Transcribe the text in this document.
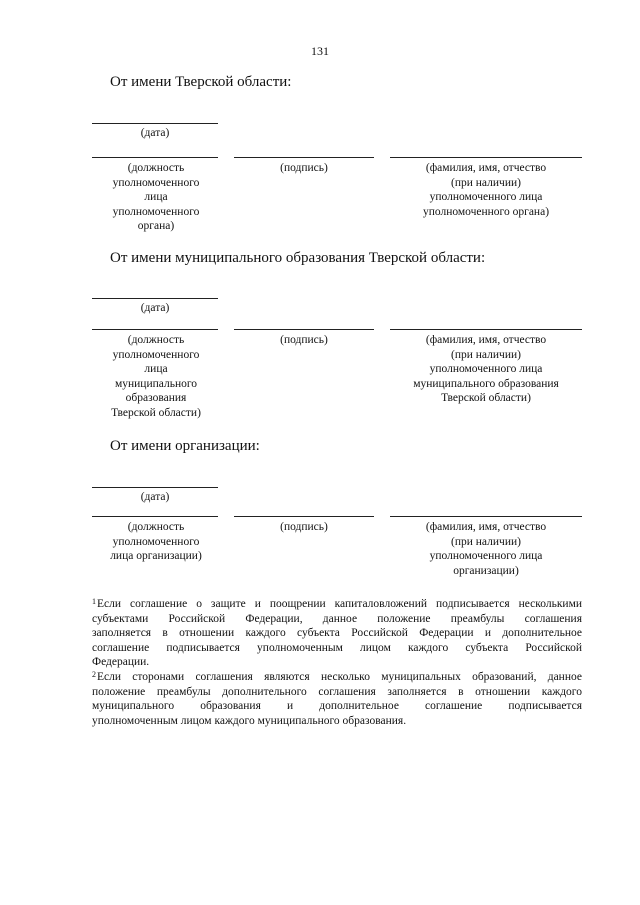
131
От имени Тверской области:
(дата)
(должность
уполномоченного
лица
уполномоченного
органа)
(подпись)	(фамилия, имя, отчество
(при наличии)
уполномоченного лица
уполномоченного органа)
От имени муниципального образования Тверской области:
(дата)
(должность
уполномоченного
лица
муниципального
образования
Тверской области)
(подпись)	(фамилия, имя, отчество
(при наличии)
уполномоченного лица
муниципального образования
Тверской области)
От имени организации:
(дата)
(должность
уполномоченного
лица организации)
(подпись)	(фамилия, имя, отчество
(при наличии)
уполномоченного лица
организации)
$^1$Если соглашение о защите и поощрении капиталовложений подписывается несколькими
субъектами Российской Федерации, данное положение преамбулы соглашения
заполняется в отношении каждого субъекта Российской Федерации и дополнительное
соглашение подписывается уполномоченным лицом каждого субъекта Российской
Федерации.
$^2$Если сторонами соглашения являются несколько муниципальных образований, данное
положение преамбулы дополнительного соглашения заполняется в отношении каждого
муниципального образования и дополнительное соглашение подписывается
уполномоченным лицом каждого муниципального образования.
